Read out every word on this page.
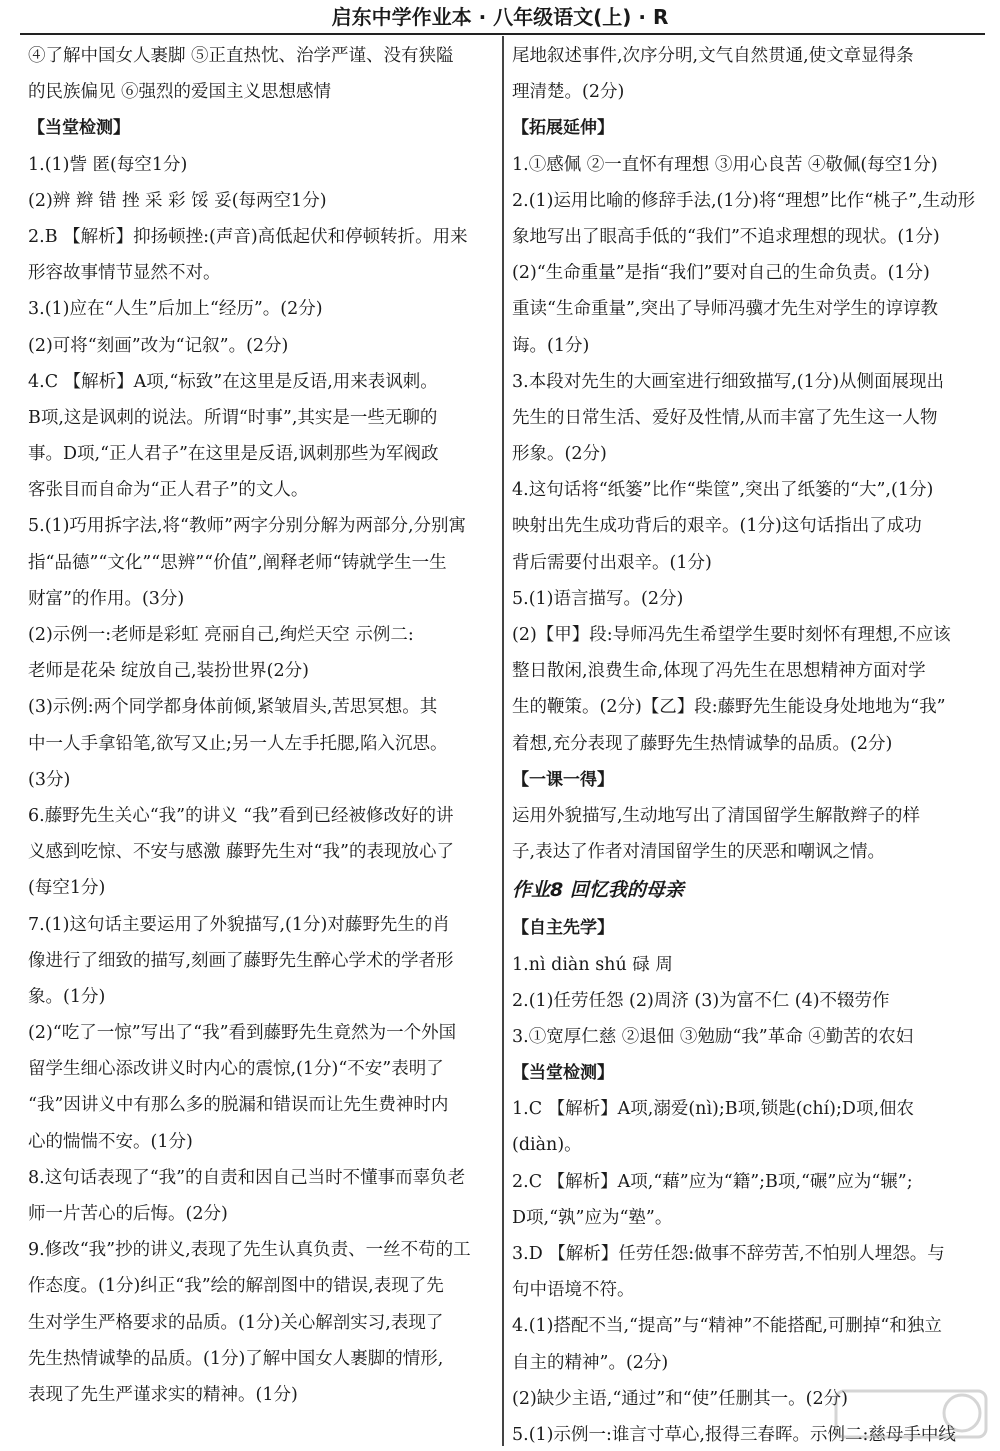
启东中学作业本 · 八年级语文(上) · R
④了解中国女人裹脚 ⑤正直热忱、治学严谨、没有狭隘
的民族偏见 ⑥强烈的爱国主义思想感情
【当堂检测】
1.(1)訾 匿(每空1分)
(2)辨 辫 错 挫 采 彩 馁 妥(每两空1分)
2.B 【解析】抑扬顿挫:(声音)高低起伏和停顿转折。用来
形容故事情节显然不对。
3.(1)应在“人生”后加上“经历”。(2分)
(2)可将“刻画”改为“记叙”。(2分)
4.C 【解析】A项,“标致”在这里是反语,用来表讽刺。
B项,这是讽刺的说法。所谓“时事”,其实是一些无聊的
事。D项,“正人君子”在这里是反语,讽刺那些为军阀政
客张目而自命为“正人君子”的文人。
5.(1)巧用拆字法,将“教师”两字分别分解为两部分,分别寓
指“品德”“文化”“思辨”“价值”,阐释老师“铸就学生一生
财富”的作用。(3分)
(2)示例一:老师是彩虹 亮丽自己,绚烂天空 示例二:
老师是花朵 绽放自己,装扮世界(2分)
(3)示例:两个同学都身体前倾,紧皱眉头,苦思冥想。其
中一人手拿铅笔,欲写又止;另一人左手托腮,陷入沉思。
(3分)
6.藤野先生关心“我”的讲义 “我”看到已经被修改好的讲
义感到吃惊、不安与感激 藤野先生对“我”的表现放心了
(每空1分)
7.(1)这句话主要运用了外貌描写,(1分)对藤野先生的肖
像进行了细致的描写,刻画了藤野先生醉心学术的学者形
象。(1分)
(2)“吃了一惊”写出了“我”看到藤野先生竟然为一个外国
留学生细心添改讲义时内心的震惊,(1分)“不安”表明了
“我”因讲义中有那么多的脱漏和错误而让先生费神时内
心的惴惴不安。(1分)
8.这句话表现了“我”的自责和因自己当时不懂事而辜负老
师一片苦心的后悔。(2分)
9.修改“我”抄的讲义,表现了先生认真负责、一丝不苟的工
作态度。(1分)纠正“我”绘的解剖图中的错误,表现了先
生对学生严格要求的品质。(1分)关心解剖实习,表现了
先生热情诚挚的品质。(1分)了解中国女人裹脚的情形,
表现了先生严谨求实的精神。(1分)
尾地叙述事件,次序分明,文气自然贯通,使文章显得条
理清楚。(2分)
【拓展延伸】
1.①感佩 ②一直怀有理想 ③用心良苦 ④敬佩(每空1分)
2.(1)运用比喻的修辞手法,(1分)将“理想”比作“桃子”,生动形
象地写出了眼高手低的“我们”不追求理想的现状。(1分)
(2)“生命重量”是指“我们”要对自己的生命负责。(1分)
重读“生命重量”,突出了导师冯骥才先生对学生的谆谆教
诲。(1分)
3.本段对先生的大画室进行细致描写,(1分)从侧面展现出
先生的日常生活、爱好及性情,从而丰富了先生这一人物
形象。(2分)
4.这句话将“纸篓”比作“柴筐”,突出了纸篓的“大”,(1分)
映射出先生成功背后的艰辛。(1分)这句话指出了成功
背后需要付出艰辛。(1分)
5.(1)语言描写。(2分)
(2)【甲】段:导师冯先生希望学生要时刻怀有理想,不应该
整日散闲,浪费生命,体现了冯先生在思想精神方面对学
生的鞭策。(2分)【乙】段:藤野先生能设身处地地为“我”
着想,充分表现了藤野先生热情诚挚的品质。(2分)
【一课一得】
运用外貌描写,生动地写出了清国留学生解散辫子的样
子,表达了作者对清国留学生的厌恶和嘲讽之情。
作业8 回忆我的母亲
【自主先学】
1.nì diàn shú 碌 周
2.(1)任劳任怨 (2)周济 (3)为富不仁 (4)不辍劳作
3.①宽厚仁慈 ②退佃 ③勉励“我”革命 ④勤苦的农妇
【当堂检测】
1.C 【解析】A项,溺爱(nì);B项,锁匙(chí);D项,佃农
(diàn)。
2.C 【解析】A项,“藉”应为“籍”;B项,“碾”应为“辗”;
D项,“孰”应为“塾”。
3.D 【解析】任劳任怨:做事不辞劳苦,不怕别人埋怨。与
句中语境不符。
4.(1)搭配不当,“提高”与“精神”不能搭配,可删掉“和独立
自主的精神”。(2分)
(2)缺少主语,“通过”和“使”任删其一。(2分)
5.(1)示例一:谁言寸草心,报得三春晖。示例二:慈母手中线
